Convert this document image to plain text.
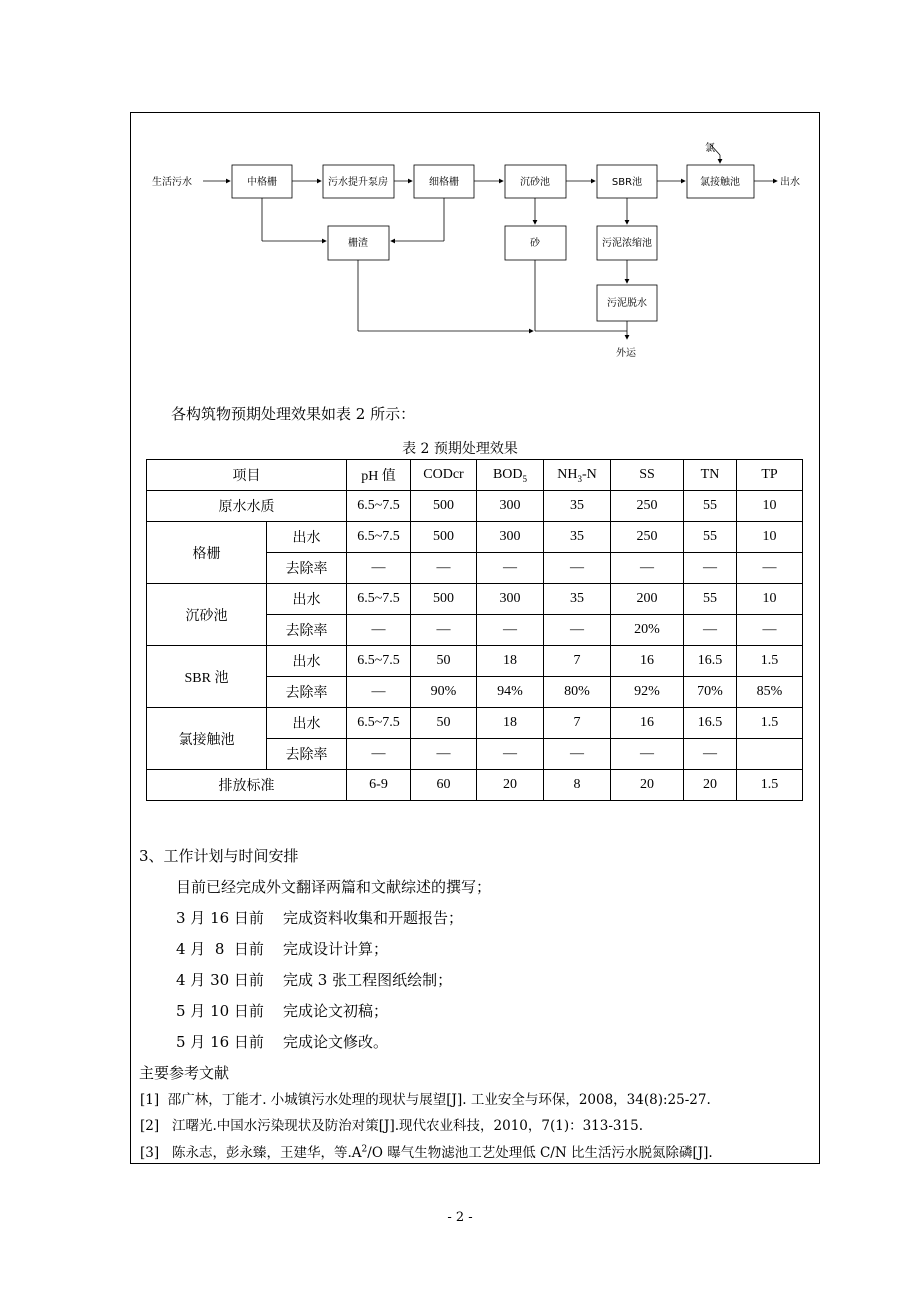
生活污水	中格栅	污水提升泵房	细格栅	沉砂池	SBR池	氯接触池	出水
氯
栅渣	砂	污泥浓缩池
污泥脱水
外运
各构筑物预期处理效果如表 2 所示：
表 2 预期处理效果
项目		pH 值	CODcr	$BOD_5$	$NH_3-N$	SS	TN	TP
原水水质		6.5~7.5	500	300	35	250	55	10
格栅	出水	6.5~7.5	500	300	35	250	55	10
	去除率	—	—	—	—	—	—	—
沉砂池	出水	6.5~7.5	500	300	35	200	55	10
	去除率	—	—	—	—	20%	—	—
SBR 池	出水	6.5~7.5	50	18	7	16	16.5	1.5
	去除率	—	90%	94%	80%	92%	70%	85%
氯接触池	出水	6.5~7.5	50	18	7	16	16.5	1.5
	去除率	—	—	—	—	—	—	
排放标准		6-9	60	20	8	20	20	1.5
3、工作计划与时间安排
目前已经完成外文翻译两篇和文献综述的撰写；
3 月 16 日前    完成资料收集和开题报告；
4 月  8  日前    完成设计计算；
4 月 30 日前    完成 3 张工程图纸绘制；
5 月 10 日前    完成论文初稿；
5 月 16 日前    完成论文修改。
主要参考文献
[1]  邵广林，丁能才. 小城镇污水处理的现状与展望[J]. 工业安全与环保，2008，34(8):25-27.
[2]   江曙光.中国水污染现状及防治对策[J].现代农业科技，2010，7(1)：313-315.
[3]   陈永志，彭永臻，王建华，等$.A^2/O$ 曝气生物滤池工艺处理低 C/N 比生活污水脱氮除磷[J].
- 2 -
